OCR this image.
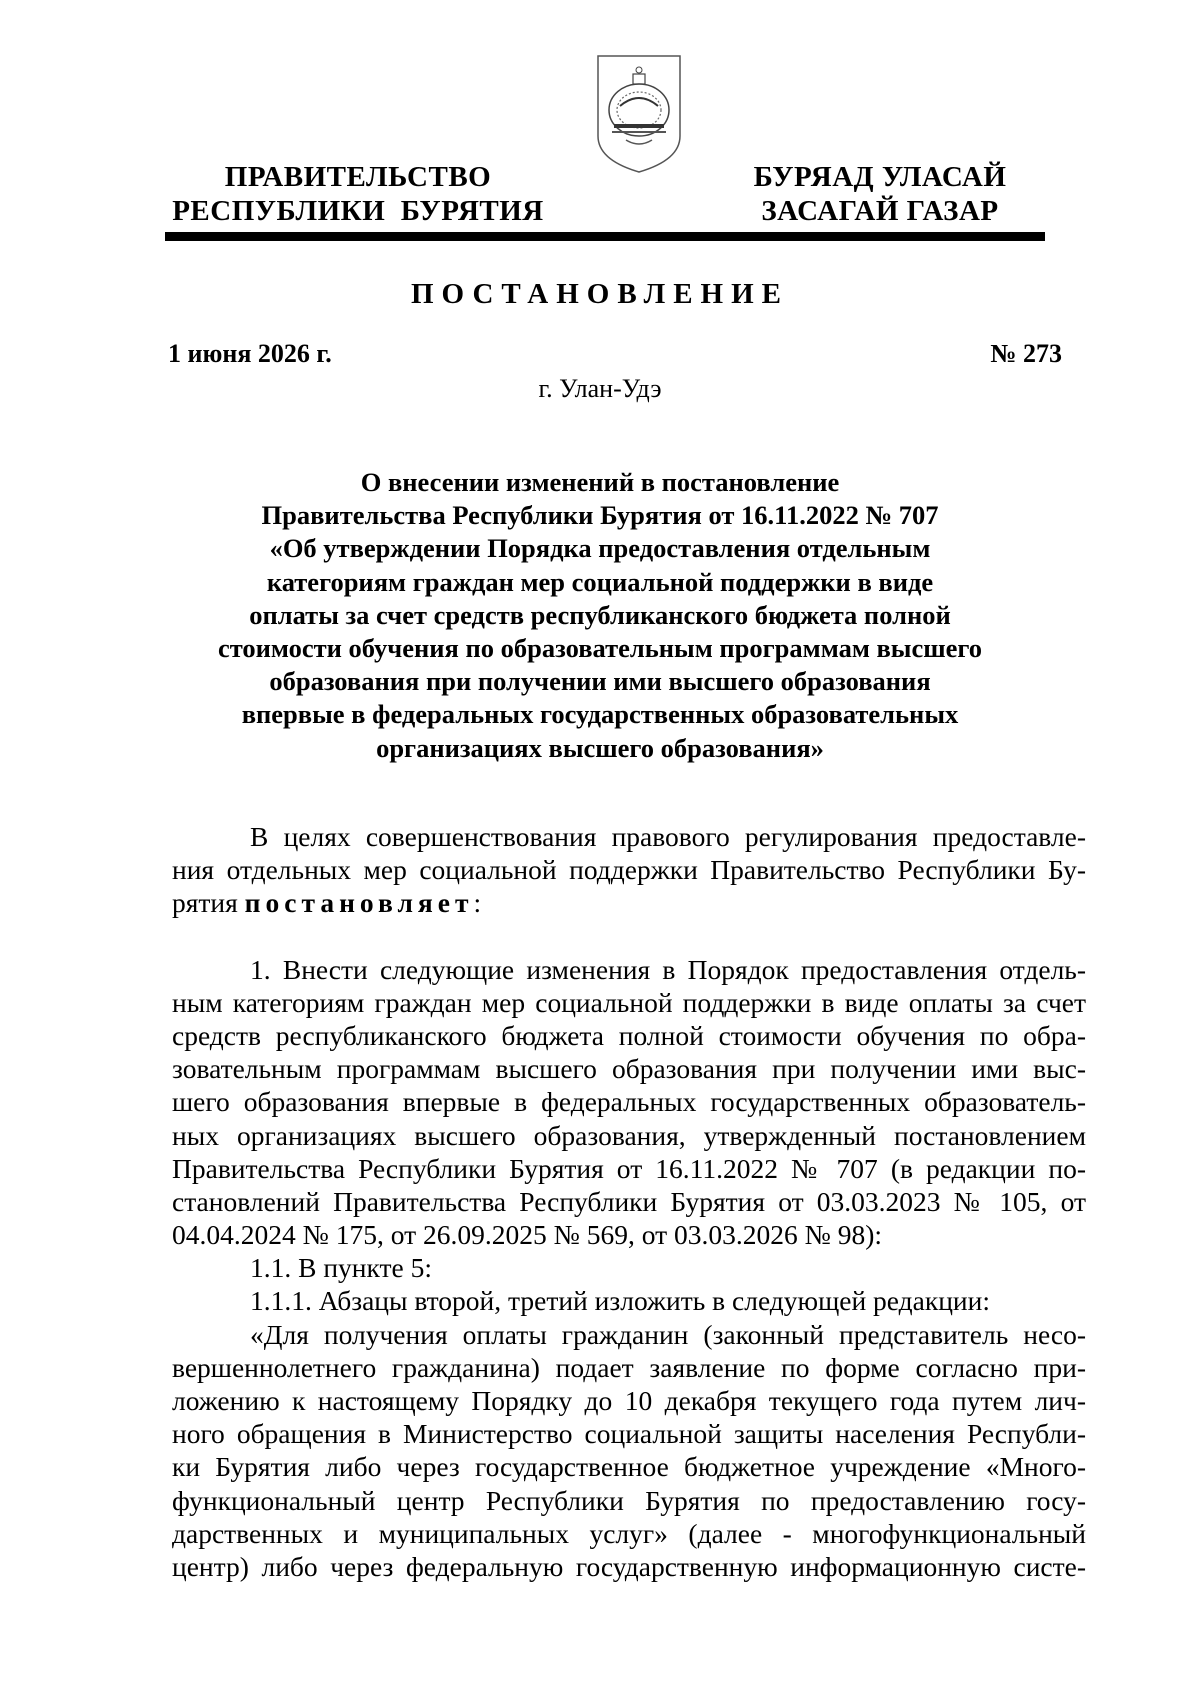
ПРАВИТЕЛЬСТВО
РЕСПУБЛИКИ  БУРЯТИЯ
БУРЯАД УЛАСАЙ
ЗАСАГАЙ ГАЗАР
ПОСТАНОВЛЕНИЕ
1 июня 2026 г.	№ 273
г. Улан-Удэ
О внесении изменений в постановление
Правительства Республики Бурятия от 16.11.2022 № 707
«Об утверждении Порядка предоставления отдельным
категориям граждан мер социальной поддержки в виде
оплаты за счет средств республиканского бюджета полной
стоимости обучения по образовательным программам высшего
образования при получении ими высшего образования
впервые в федеральных государственных образовательных
организациях высшего образования»
В целях совершенствования правового регулирования предоставле-
ния отдельных мер социальной поддержки Правительство Республики Бу-
рятия постановляет:
1. Внести следующие изменения в Порядок предоставления отдель-
ным категориям граждан мер социальной поддержки в виде оплаты за счет
средств республиканского бюджета полной стоимости обучения по обра-
зовательным программам высшего образования при получении ими выс-
шего образования впервые в федеральных государственных образователь-
ных организациях высшего образования, утвержденный постановлением
Правительства Республики Бурятия от 16.11.2022 № 707 (в редакции по-
становлений Правительства Республики Бурятия от 03.03.2023 № 105, от
04.04.2024 № 175, от 26.09.2025 № 569, от 03.03.2026 № 98):
1.1. В пункте 5:
1.1.1. Абзацы второй, третий изложить в следующей редакции:
«Для получения оплаты гражданин (законный представитель несо-
вершеннолетнего гражданина) подает заявление по форме согласно при-
ложению к настоящему Порядку до 10 декабря текущего года путем лич-
ного обращения в Министерство социальной защиты населения Республи-
ки Бурятия либо через государственное бюджетное учреждение «Много-
функциональный центр Республики Бурятия по предоставлению госу-
дарственных и муниципальных услуг» (далее - многофункциональный
центр) либо через федеральную государственную информационную систе-
